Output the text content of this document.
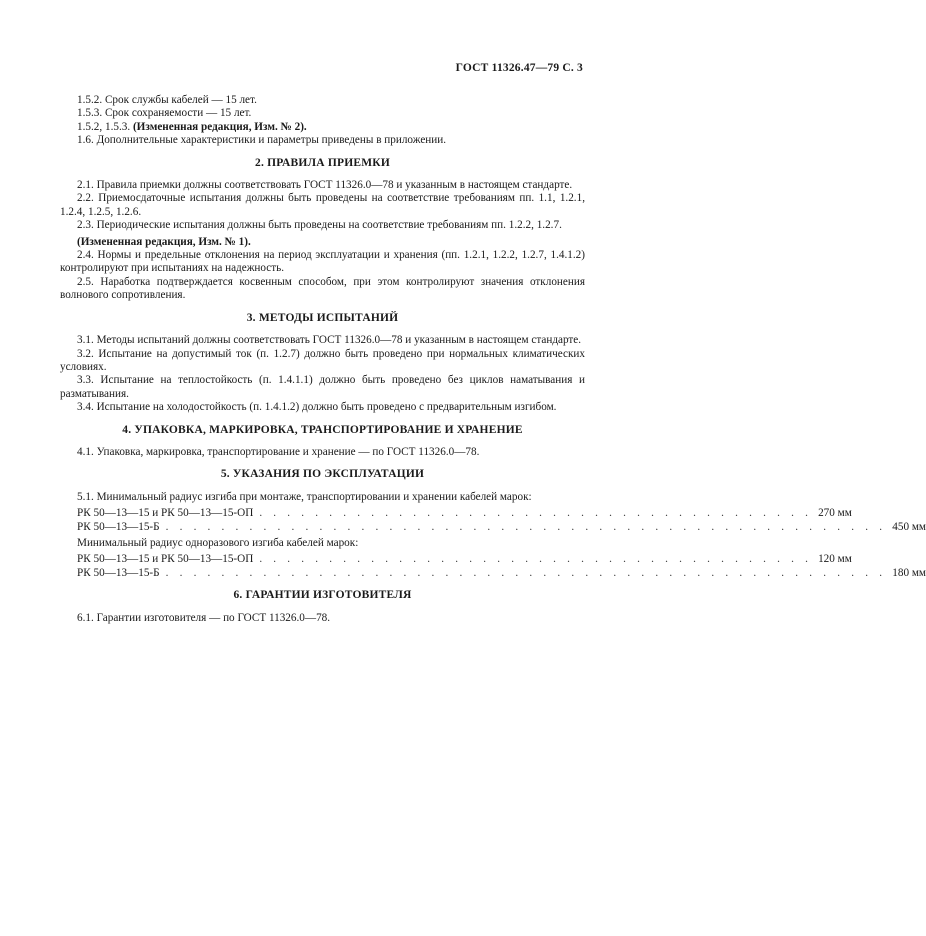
ГОСТ 11326.47—79 С. 3

1.5.2. Срок службы кабелей — 15 лет.

1.5.3. Срок сохраняемости — 15 лет.

1.5.2, 1.5.3. (Измененная редакция, Изм. № 2).

1.6. Дополнительные характеристики и параметры приведены в приложении.

2. ПРАВИЛА ПРИЕМКИ

2.1. Правила приемки должны соответствовать ГОСТ 11326.0—78 и указанным в настоящем стандарте.

2.2. Приемосдаточные испытания должны быть проведены на соответствие требованиям пп. 1.1, 1.2.1, 1.2.4, 1.2.5, 1.2.6.

2.3. Периодические испытания должны быть проведены на соответствие требованиям пп. 1.2.2, 1.2.7.

(Измененная редакция, Изм. № 1).

2.4. Нормы и предельные отклонения на период эксплуатации и хранения (пп. 1.2.1, 1.2.2, 1.2.7, 1.4.1.2) контролируют при испытаниях на надежность.

2.5. Наработка подтверждается косвенным способом, при этом контролируют значения отклонения волнового сопротивления.

3. МЕТОДЫ ИСПЫТАНИЙ

3.1. Методы испытаний должны соответствовать ГОСТ 11326.0—78 и указанным в настоящем стандарте.

3.2. Испытание на допустимый ток (п. 1.2.7) должно быть проведено при нормальных климатических условиях.

3.3. Испытание на теплостойкость (п. 1.4.1.1) должно быть проведено без циклов наматывания и разматывания.

3.4. Испытание на холодостойкость (п. 1.4.1.2) должно быть проведено с предварительным изгибом.

4. УПАКОВКА, МАРКИРОВКА, ТРАНСПОРТИРОВАНИЕ И ХРАНЕНИЕ

4.1. Упаковка, маркировка, транспортирование и хранение — по ГОСТ 11326.0—78.

5. УКАЗАНИЯ ПО ЭКСПЛУАТАЦИИ

5.1. Минимальный радиус изгиба при монтаже, транспортировании и хранении кабелей марок:

РК 50—13—15 и РК 50—13—15-ОП . . . . . . . . . . . . . . . . . . . . . . . . . . . . . . . . . . . . . . . . 270 мм
РК 50—13—15-Б . . . . . . . . . . . . . . . . . . . . . . . . . . . . . . . . . . . . . . . . . . . . . . . . . . . . 450 мм

Минимальный радиус одноразового изгиба кабелей марок:

РК 50—13—15 и РК 50—13—15-ОП . . . . . . . . . . . . . . . . . . . . . . . . . . . . . . . . . . . . . . . . 120 мм
РК 50—13—15-Б . . . . . . . . . . . . . . . . . . . . . . . . . . . . . . . . . . . . . . . . . . . . . . . . . . . . 180 мм
6. ГАРАНТИИ ИЗГОТОВИТЕЛЯ

6.1. Гарантии изготовителя — по ГОСТ 11326.0—78.
